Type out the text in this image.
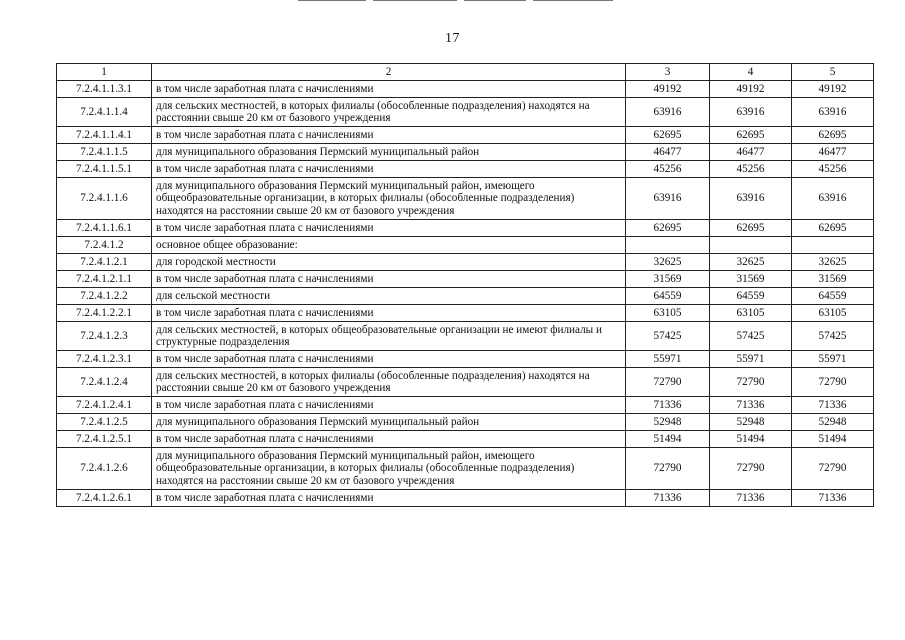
17
1	2	3	4	5
7.2.4.1.1.3.1	в том числе заработная плата с начислениями	49192	49192	49192
7.2.4.1.1.4	для сельских местностей, в которых филиалы (обособленные подразделения) находятся на расстоянии свыше 20 км от базового учреждения	63916	63916	63916
7.2.4.1.1.4.1	в том числе заработная плата с начислениями	62695	62695	62695
7.2.4.1.1.5	для муниципального образования Пермский муниципальный район	46477	46477	46477
7.2.4.1.1.5.1	в том числе заработная плата с начислениями	45256	45256	45256
7.2.4.1.1.6	для муниципального образования Пермский муниципальный район, имеющего общеобразовательные организации, в которых филиалы (обособленные подразделения) находятся на расстоянии свыше 20 км от базового учреждения	63916	63916	63916
7.2.4.1.1.6.1	в том числе заработная плата с начислениями	62695	62695	62695
7.2.4.1.2	основное общее образование:			
7.2.4.1.2.1	для городской местности	32625	32625	32625
7.2.4.1.2.1.1	в том числе заработная плата с начислениями	31569	31569	31569
7.2.4.1.2.2	для сельской местности	64559	64559	64559
7.2.4.1.2.2.1	в том числе заработная плата с начислениями	63105	63105	63105
7.2.4.1.2.3	для сельских местностей, в которых общеобразовательные организации не имеют филиалы и структурные подразделения	57425	57425	57425
7.2.4.1.2.3.1	в том числе заработная плата с начислениями	55971	55971	55971
7.2.4.1.2.4	для сельских местностей, в которых филиалы (обособленные подразделения) находятся на расстоянии свыше 20 км от базового учреждения	72790	72790	72790
7.2.4.1.2.4.1	в том числе заработная плата с начислениями	71336	71336	71336
7.2.4.1.2.5	для муниципального образования Пермский муниципальный район	52948	52948	52948
7.2.4.1.2.5.1	в том числе заработная плата с начислениями	51494	51494	51494
7.2.4.1.2.6	для муниципального образования Пермский муниципальный район, имеющего общеобразовательные организации, в которых филиалы (обособленные подразделения) находятся на расстоянии свыше 20 км от базового учреждения	72790	72790	72790
7.2.4.1.2.6.1	в том числе заработная плата с начислениями	71336	71336	71336
